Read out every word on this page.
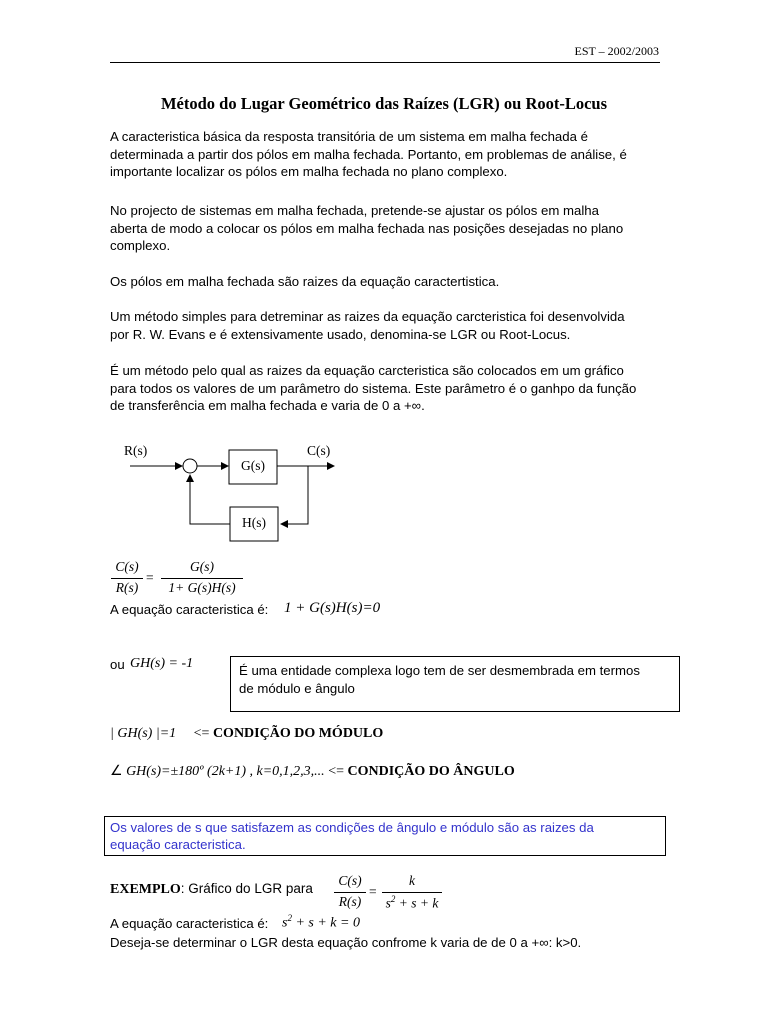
EST – 2002/2003
Método do Lugar Geométrico das Raízes (LGR) ou Root-Locus
A caracteristica básica da resposta transitória de um sistema em malha fechada é
determinada a partir dos pólos em malha fechada. Portanto, em problemas de análise, é
importante localizar os pólos em malha fechada no plano complexo.
No projecto de sistemas em malha fechada, pretende-se ajustar os pólos em malha
aberta de modo a colocar os pólos em malha fechada nas posições desejadas no plano
complexo.
Os pólos em malha fechada são raizes da equação caractertistica.
Um método simples para detreminar as raizes da equação carcteristica foi desenvolvida
por R. W. Evans e é extensivamente usado, denomina-se LGR ou Root-Locus.
É um método pelo qual as raizes da equação carcteristica são colocados em um gráfico
para todos os valores de um parâmetro do sistema. Este parâmetro é o ganhpo da função
de transferência em malha fechada e varia de 0 a +∞.
R(s)	C(s)
G(s)
H(s)
C(s)
R(s)
=
G(s)
1+ G(s)H(s)
A equação caracteristica é: 1 + G(s)H(s)=0
ou GH(s) = -1	É uma entidade complexa logo tem de ser desmembrada em termos
de módulo e ângulo
| GH(s) |=1 <= CONDIÇÃO DO MÓDULO
∠ GH(s)=±180º (2k+1) , k=0,1,2,3,... <= CONDIÇÃO DO ÂNGULO
Os valores de s que satisfazem as condições de ângulo e módulo são as raizes da
equação caracteristica.
EXEMPLO: Gráfico do LGR para
C(s)
R(s)
=
k
$s^2 + s + k$
A equação caracteristica é: $s^2 + s + k = 0$
Deseja-se determinar o LGR desta equação confrome k varia de de 0 a +∞: k>0.
